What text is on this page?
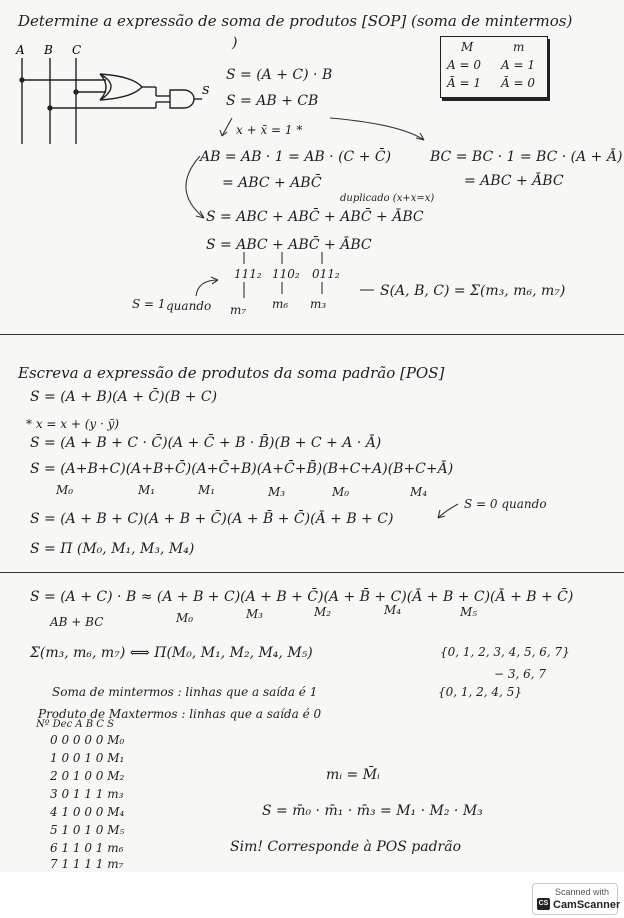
Determine a expressão de soma de produtos [SOP] (soma de mintermos)
)
A B C
S
M	m
A = 0 A = 1
Ā = 1 Ā = 0
S = (A + C) · B
S = AB + CB
x + x̄ = 1 *
AB = AB · 1 = AB · (C + C̄)
= ABC + ABC̄
BC = BC · 1 = BC · (A + Ā)
= ABC + ĀBC
duplicado (x+x=x)
S = ABC + ABC̄ + ABC̄ + ĀBC
S = ABC + ABC̄ + ĀBC
111₂ 110₂ 011₂
S = 1 quando m₇ m₆ m₃
S(A, B, C) = Σ(m₃, m₆, m₇)
Escreva a expressão de produtos da soma padrão [POS]
S = (A + B)(A + C̄)(B + C)
* x = x + (y · ȳ)
S = (A + B + C · C̄)(A + C̄ + B · B̄)(B + C + A · Ā)
S = (A+B+C)(A+B+C̄)(A+C̄+B)(A+C̄+B̄)(B+C+A)(B+C+Ā)
M₀	M₁	M₁	M₃	M₀	M₄
S = 0 quando
S = (A + B + C)(A + B + C̄)(A + B̄ + C̄)(Ā + B + C)
S = Π (M₀, M₁, M₃, M₄)
S = (A + C) · B ≈ (A + B + C)(A + B + C̄)(A + B̄ + C)(Ā + B + C)(Ā + B + C̄)
AB + BC	M₀	M₃	M₂	M₄	M₅
Σ(m₃, m₆, m₇) ⟺ Π(M₀, M₁, M₂, M₄, M₅)	{0, 1, 2, 3, 4, 5, 6, 7}
− 3, 6, 7
{0, 1, 2, 4, 5}
Soma de mintermos : linhas que a saída é 1
Produto de Maxtermos : linhas que a saída é 0
Nº Dec A B C S
0 0 0 0 0 M₀
1 0 0 1 0 M₁
2 0 1 0 0 M₂
3 0 1 1 1 m₃
4 1 0 0 0 M₄
5 1 0 1 0 M₅
6 1 1 0 1 m₆
7 1 1 1 1 m₇
mᵢ = M̄ᵢ
S = m̄₀ · m̄₁ · m̄₃ = M₁ · M₂ · M₃
Sim! Corresponde à POS padrão
CS
Scanned with
CamScanner
